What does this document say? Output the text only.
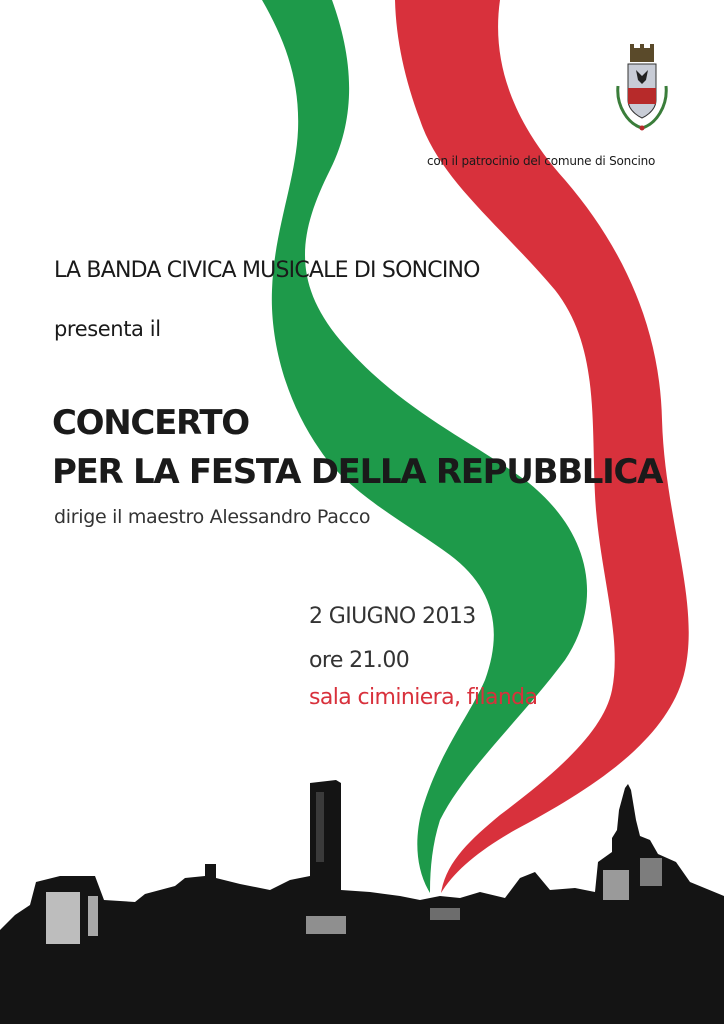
con il patrocinio del comune di Soncino
LA BANDA CIVICA MUSICALE DI SONCINO
presenta il
CONCERTO
PER LA FESTA DELLA REPUBBLICA
dirige il maestro Alessandro Pacco
2 GIUGNO 2013
ore 21.00
sala ciminiera, filanda
